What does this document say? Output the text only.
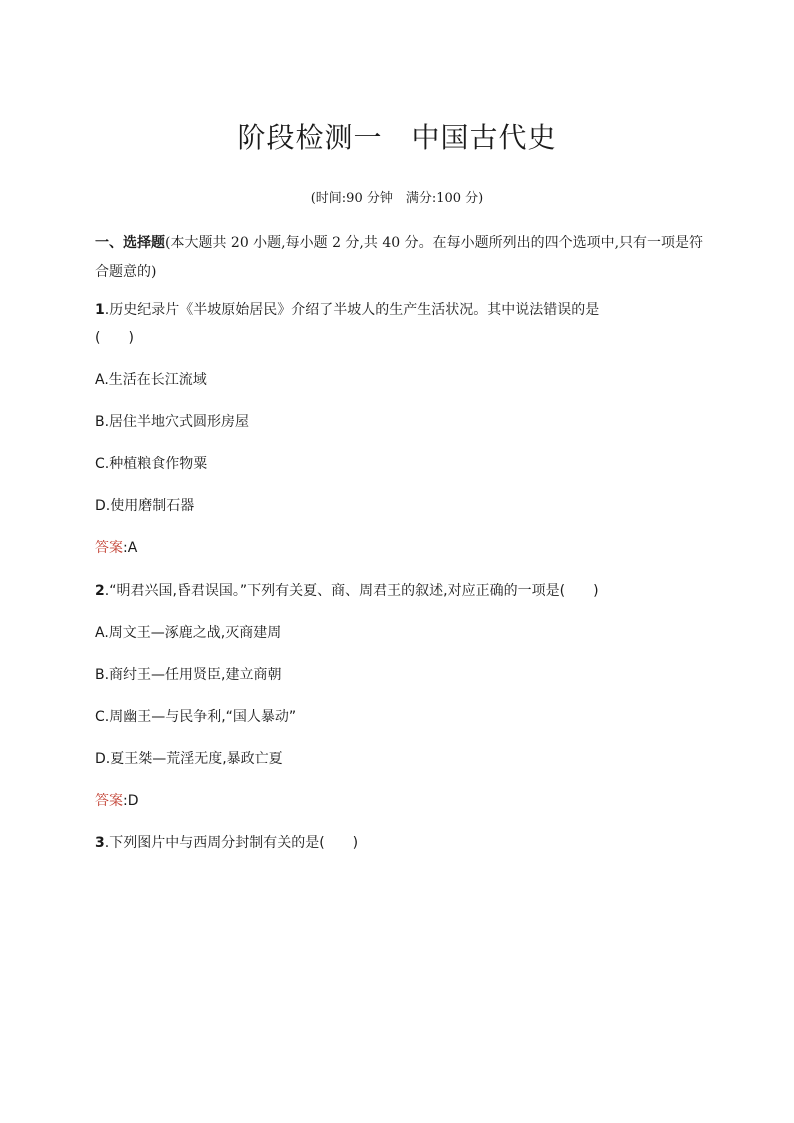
阶段检测一　中国古代史

(时间:90 分钟　满分:100 分)

一、选择题(本大题共 20 小题,每小题 2 分,共 40 分。在每小题所列出的四个选项中,只有一项是符合题意的)

1.历史纪录片《半坡原始居民》介绍了半坡人的生产生活状况。其中说法错误的是

(　　)

A.生活在长江流域

B.居住半地穴式圆形房屋

C.种植粮食作物粟

D.使用磨制石器

答案:A

2.“明君兴国,昏君误国。”下列有关夏、商、周君王的叙述,对应正确的一项是(　　)

A.周文王—涿鹿之战,灭商建周

B.商纣王—任用贤臣,建立商朝

C.周幽王—与民争利,“国人暴动”

D.夏王桀—荒淫无度,暴政亡夏

答案:D

3.下列图片中与西周分封制有关的是(　　)
